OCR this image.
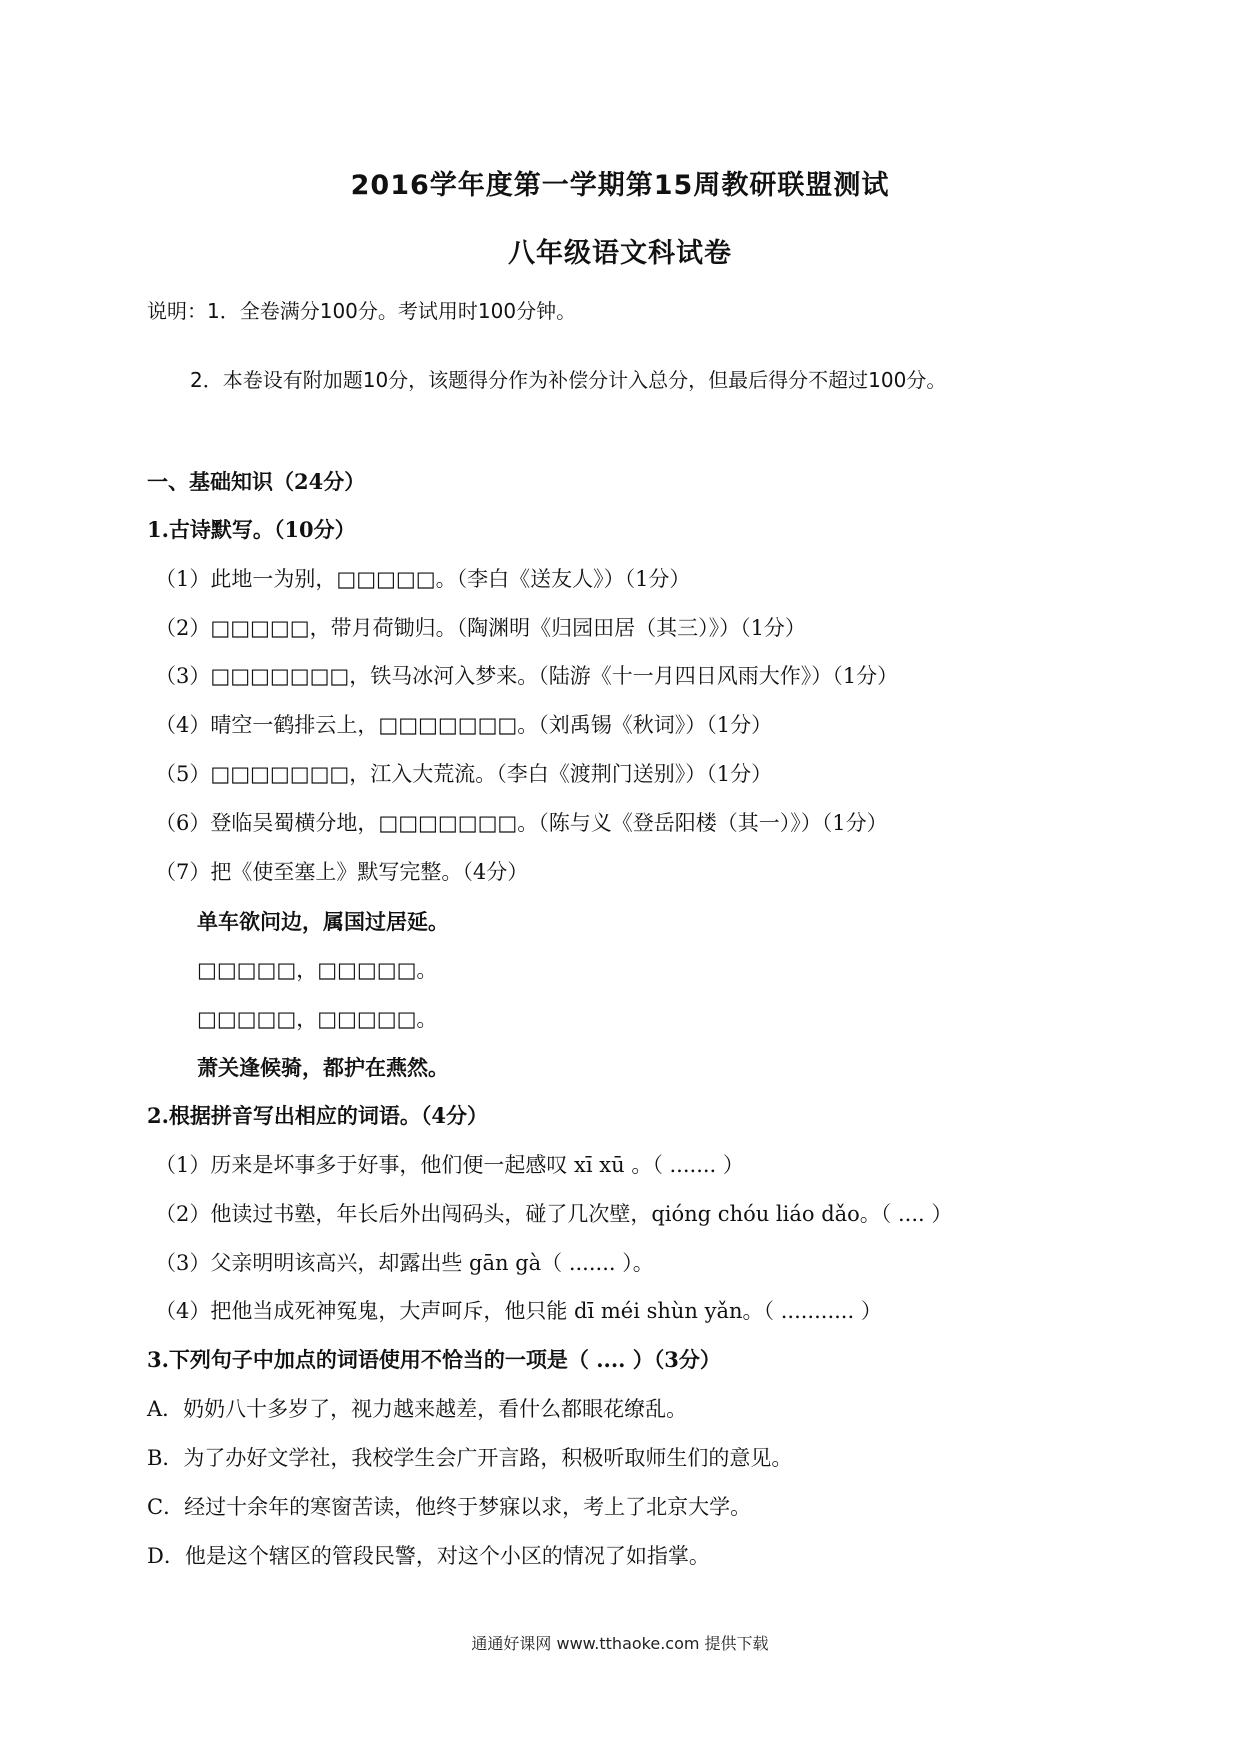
2016学年度第一学期第15周教研联盟测试
八年级语文科试卷
说明：1．全卷满分100分。考试用时100分钟。
2．本卷设有附加题10分，该题得分作为补偿分计入总分，但最后得分不超过100分。
一、基础知识（24分）
1.古诗默写。（10分）
（1）此地一为别，□□□□□。（李白《送友人》）（1分）
（2）□□□□□，带月荷锄归。（陶渊明《归园田居（其三）》）（1分）
（3）□□□□□□□，铁马冰河入梦来。（陆游《十一月四日风雨大作》）（1分）
（4）晴空一鹤排云上，□□□□□□□。（刘禹锡《秋词》）（1分）
（5）□□□□□□□，江入大荒流。（李白《渡荆门送别》）（1分）
（6）登临吴蜀横分地，□□□□□□□。（陈与义《登岳阳楼（其一）》）（1分）
（7）把《使至塞上》默写完整。（4分）
单车欲问边，属国过居延。
□□□□□，□□□□□。
□□□□□，□□□□□。
萧关逢候骑，都护在燕然。
2.根据拼音写出相应的词语。（4分）
（1）历来是坏事多于好事，他们便一起感叹 xī xū 。（ ....... ）
（2）他读过书塾，年长后外出闯码头，碰了几次壁，qióng chóu liáo dǎo。（ .... ）
（3）父亲明明该高兴，却露出些 gān gà（ ....... ）。
（4）把他当成死神冤鬼，大声呵斥，他只能 dī méi shùn yǎn。（ ........... ）
3.下列句子中加点的词语使用不恰当的一项是（ .... ）（3分）
A．奶奶八十多岁了，视力越来越差，看什么都眼花缭乱。
B．为了办好文学社，我校学生会广开言路，积极听取师生们的意见。
C．经过十余年的寒窗苦读，他终于梦寐以求，考上了北京大学。
D．他是这个辖区的管段民警，对这个小区的情况了如指掌。
通通好课网 www.tthaoke.com 提供下载
